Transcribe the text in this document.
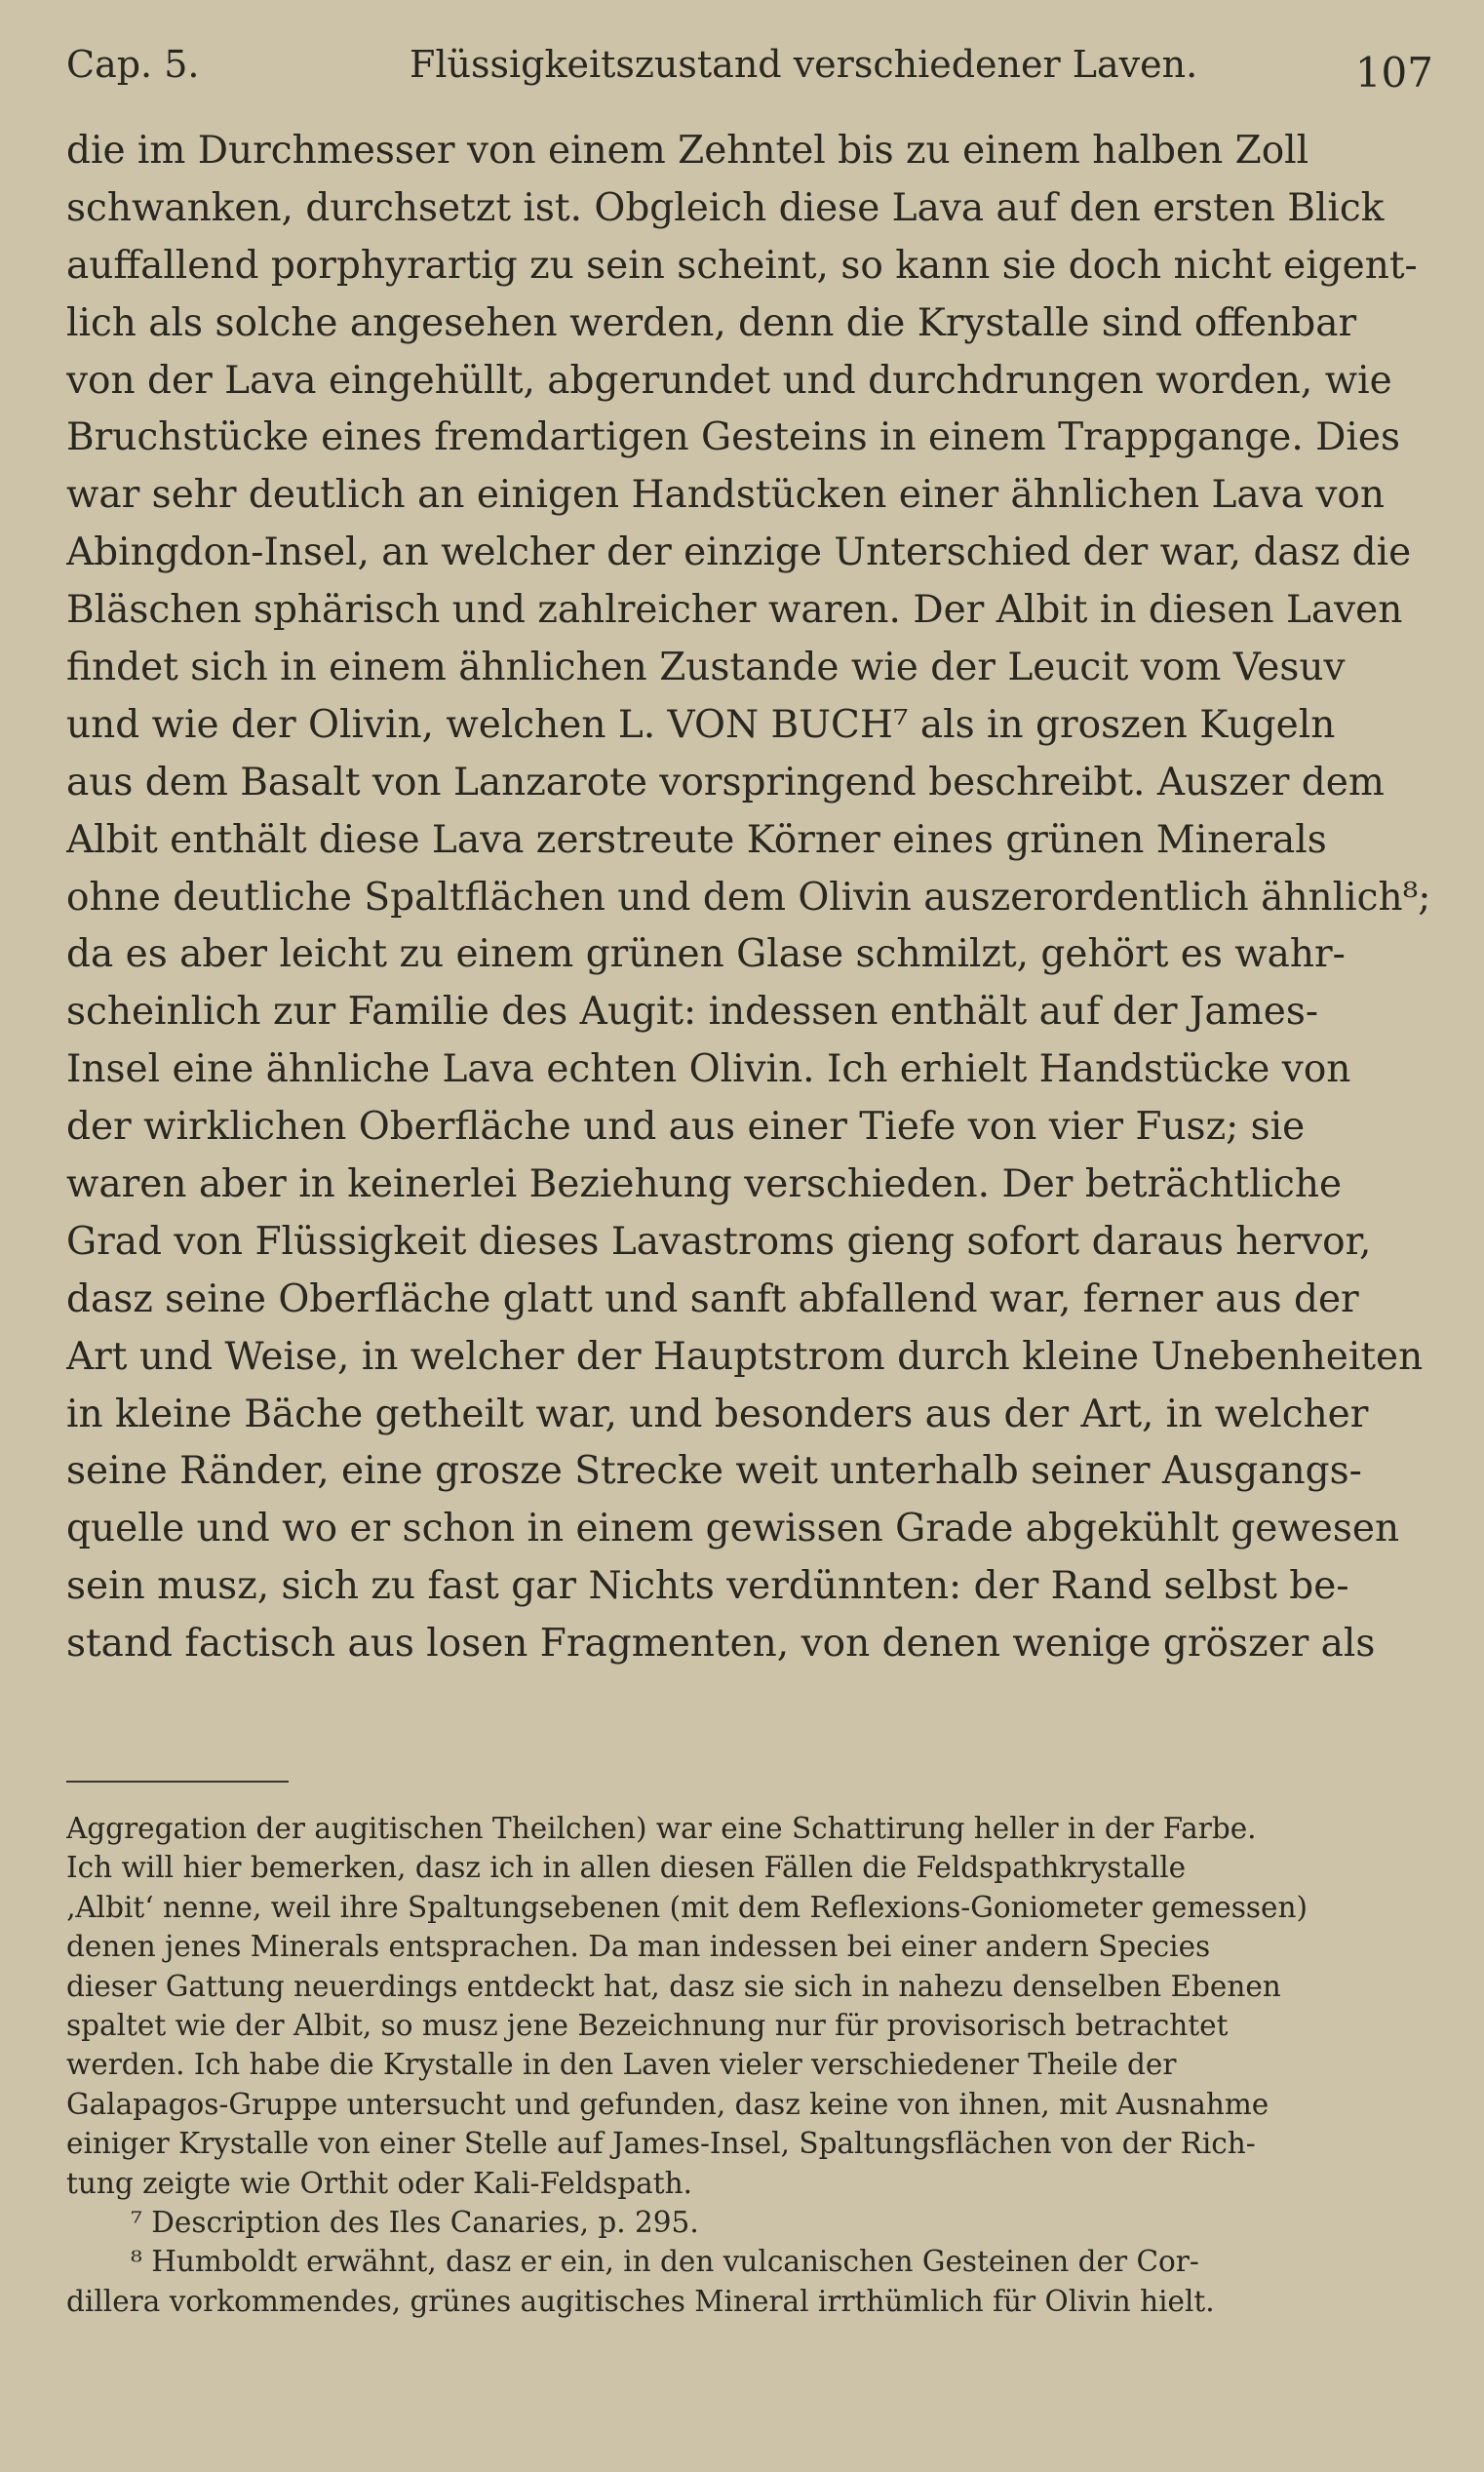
Cap. 5.	Flüssigkeitszustand verschiedener Laven.	107
die im Durchmesser von einem Zehntel bis zu einem halben Zoll
schwanken, durchsetzt ist. Obgleich diese Lava auf den ersten Blick
auffallend porphyrartig zu sein scheint, so kann sie doch nicht eigent-
lich als solche angesehen werden, denn die Krystalle sind offenbar
von der Lava eingehüllt, abgerundet und durchdrungen worden, wie
Bruchstücke eines fremdartigen Gesteins in einem Trappgange. Dies
war sehr deutlich an einigen Handstücken einer ähnlichen Lava von
Abingdon-Insel, an welcher der einzige Unterschied der war, dasz die
Bläschen sphärisch und zahlreicher waren. Der Albit in diesen Laven
findet sich in einem ähnlichen Zustande wie der Leucit vom Vesuv
und wie der Olivin, welchen L. VON BUCH⁷ als in groszen Kugeln
aus dem Basalt von Lanzarote vorspringend beschreibt. Auszer dem
Albit enthält diese Lava zerstreute Körner eines grünen Minerals
ohne deutliche Spaltflächen und dem Olivin auszerordentlich ähnlich⁸;
da es aber leicht zu einem grünen Glase schmilzt, gehört es wahr-
scheinlich zur Familie des Augit: indessen enthält auf der James-
Insel eine ähnliche Lava echten Olivin. Ich erhielt Handstücke von
der wirklichen Oberfläche und aus einer Tiefe von vier Fusz; sie
waren aber in keinerlei Beziehung verschieden. Der beträchtliche
Grad von Flüssigkeit dieses Lavastroms gieng sofort daraus hervor,
dasz seine Oberfläche glatt und sanft abfallend war, ferner aus der
Art und Weise, in welcher der Hauptstrom durch kleine Unebenheiten
in kleine Bäche getheilt war, und besonders aus der Art, in welcher
seine Ränder, eine grosze Strecke weit unterhalb seiner Ausgangs-
quelle und wo er schon in einem gewissen Grade abgekühlt gewesen
sein musz, sich zu fast gar Nichts verdünnten: der Rand selbst be-
stand factisch aus losen Fragmenten, von denen wenige gröszer als
Aggregation der augitischen Theilchen) war eine Schattirung heller in der Farbe.
Ich will hier bemerken, dasz ich in allen diesen Fällen die Feldspathkrystalle
‚Albit‘ nenne, weil ihre Spaltungsebenen (mit dem Reflexions-Goniometer gemessen)
denen jenes Minerals entsprachen. Da man indessen bei einer andern Species
dieser Gattung neuerdings entdeckt hat, dasz sie sich in nahezu denselben Ebenen
spaltet wie der Albit, so musz jene Bezeichnung nur für provisorisch betrachtet
werden. Ich habe die Krystalle in den Laven vieler verschiedener Theile der
Galapagos-Gruppe untersucht und gefunden, dasz keine von ihnen, mit Ausnahme
einiger Krystalle von einer Stelle auf James-Insel, Spaltungsflächen von der Rich-
tung zeigte wie Orthit oder Kali-Feldspath.
⁷ Description des Iles Canaries, p. 295.
⁸ Humboldt erwähnt, dasz er ein, in den vulcanischen Gesteinen der Cor-
dillera vorkommendes, grünes augitisches Mineral irrthümlich für Olivin hielt.
